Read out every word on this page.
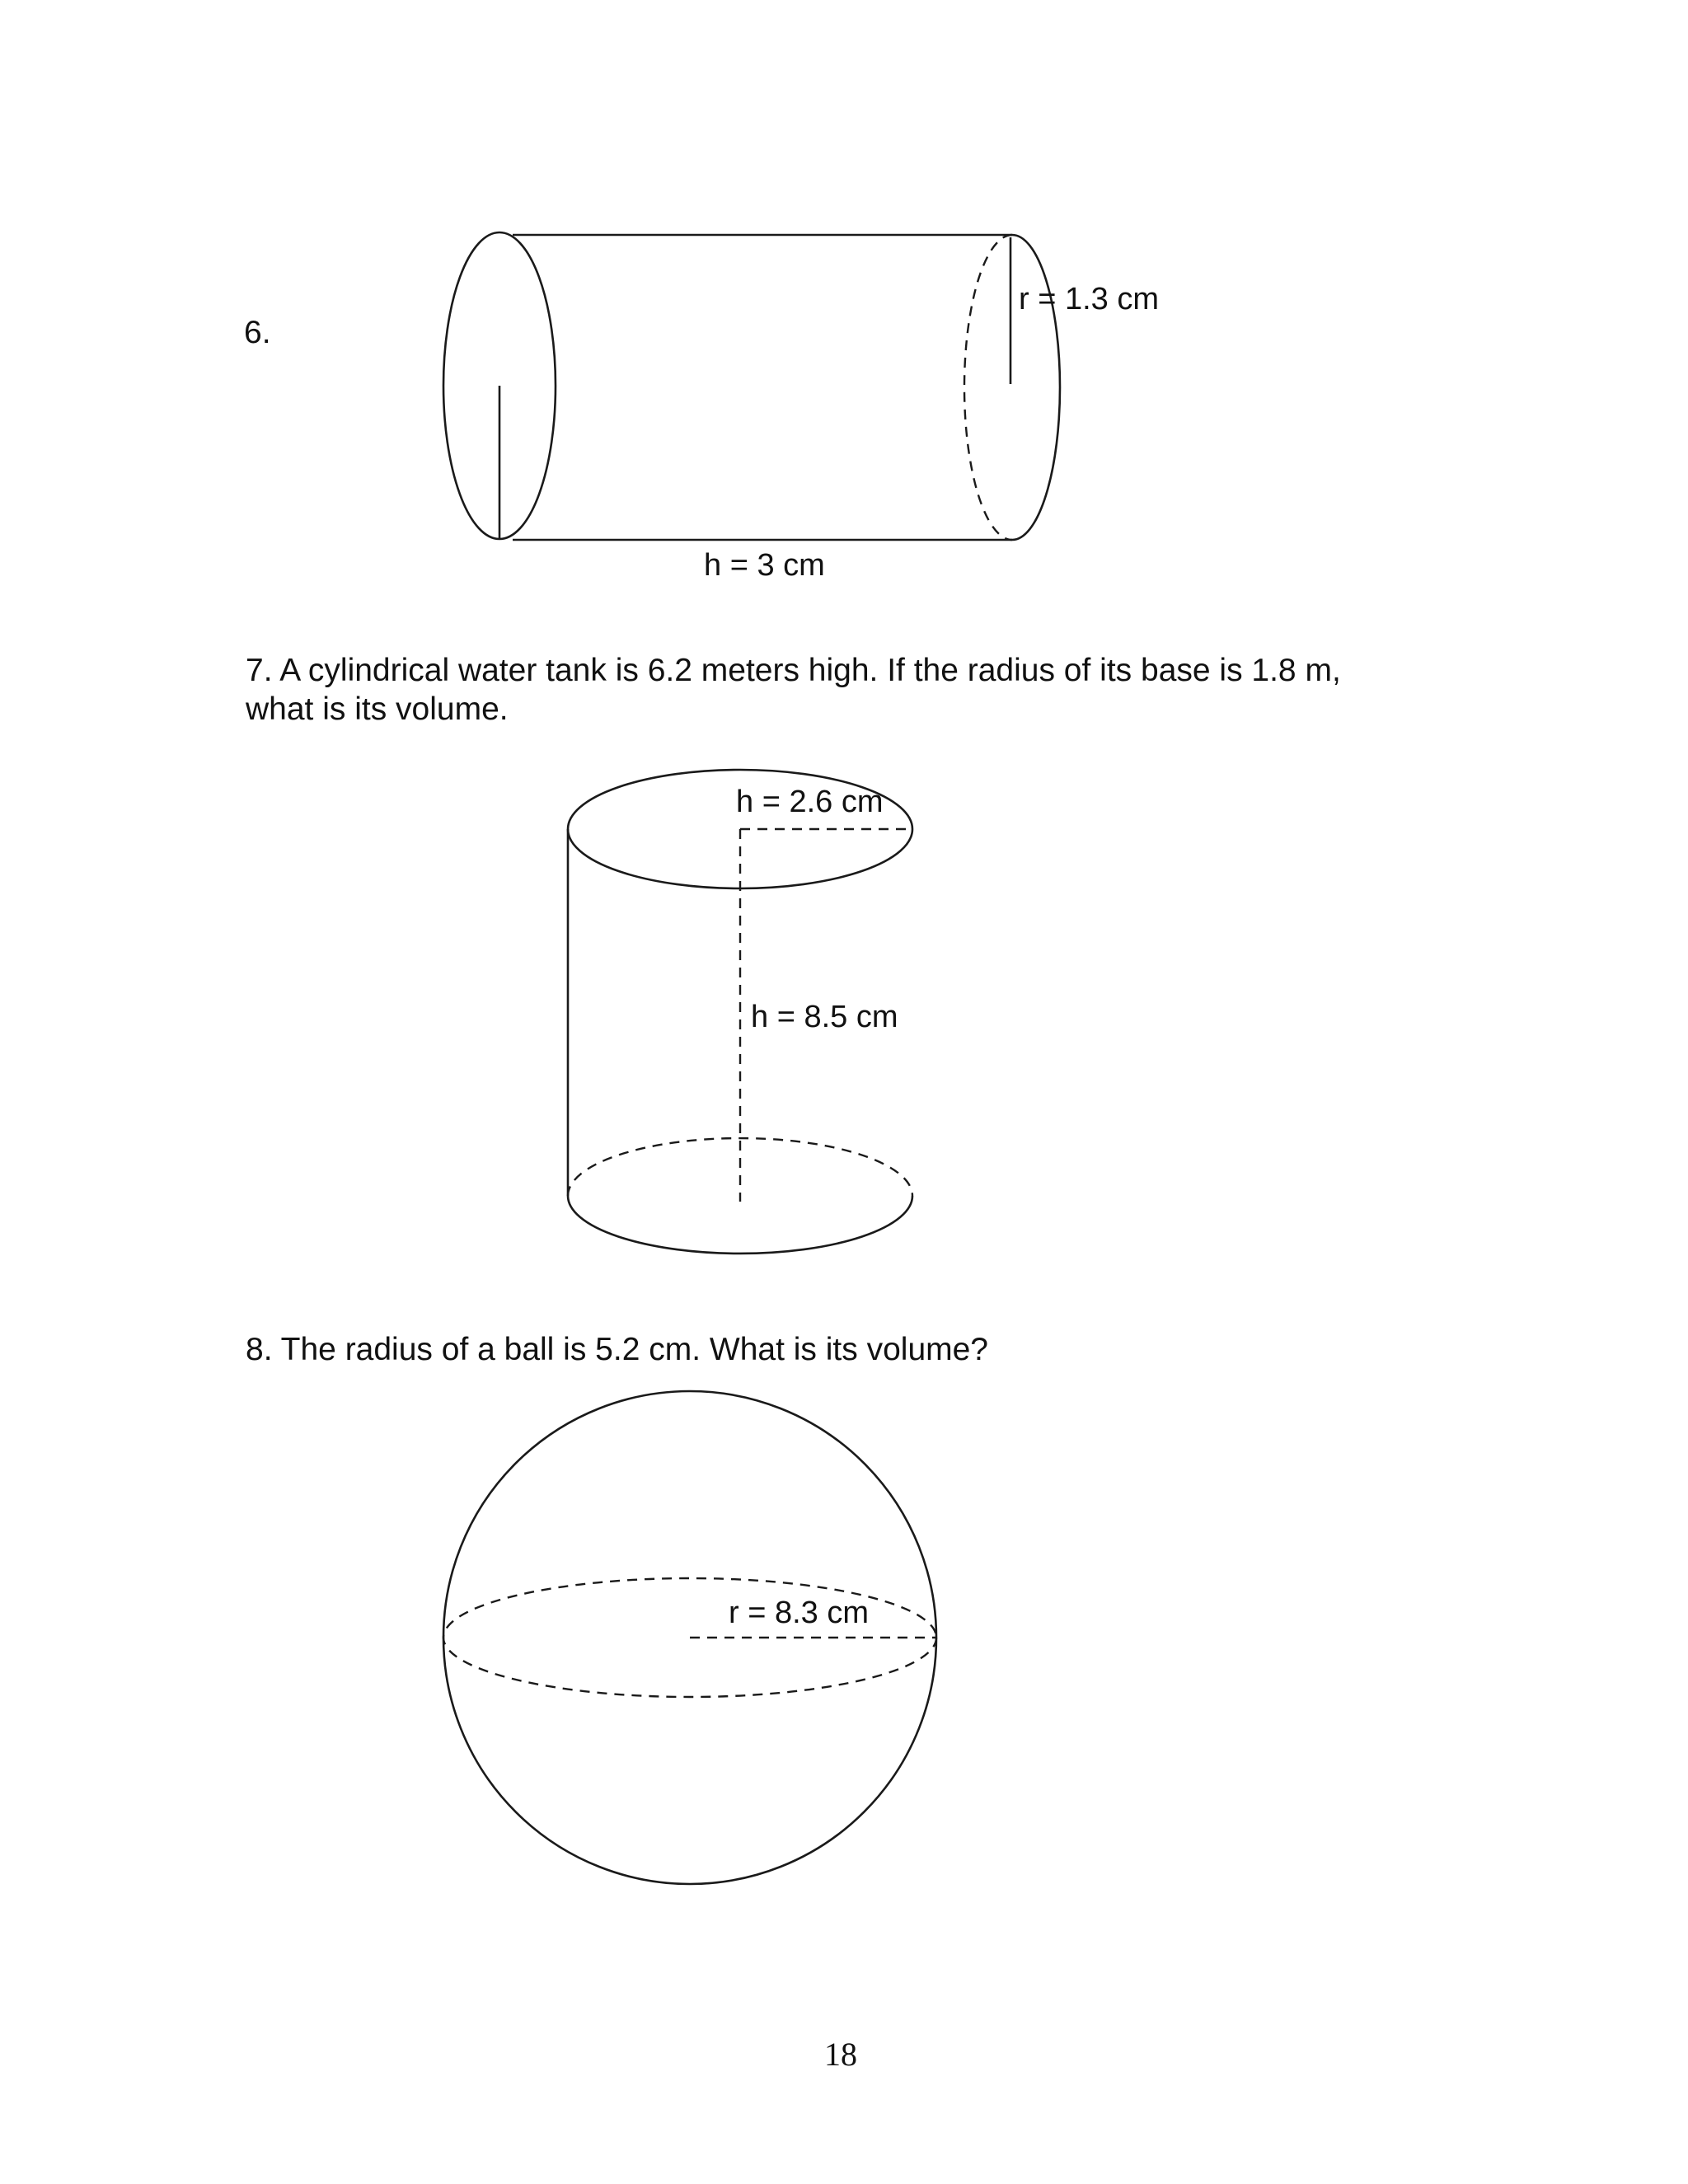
6.
r = 1.3 cm
h = 3 cm
7. A cylindrical water tank is 6.2 meters high. If the radius of its base is 1.8 m,
what is its volume.
h = 2.6 cm
h = 8.5 cm
8. The radius of a ball is 5.2 cm. What is its volume?
r = 8.3 cm
18
